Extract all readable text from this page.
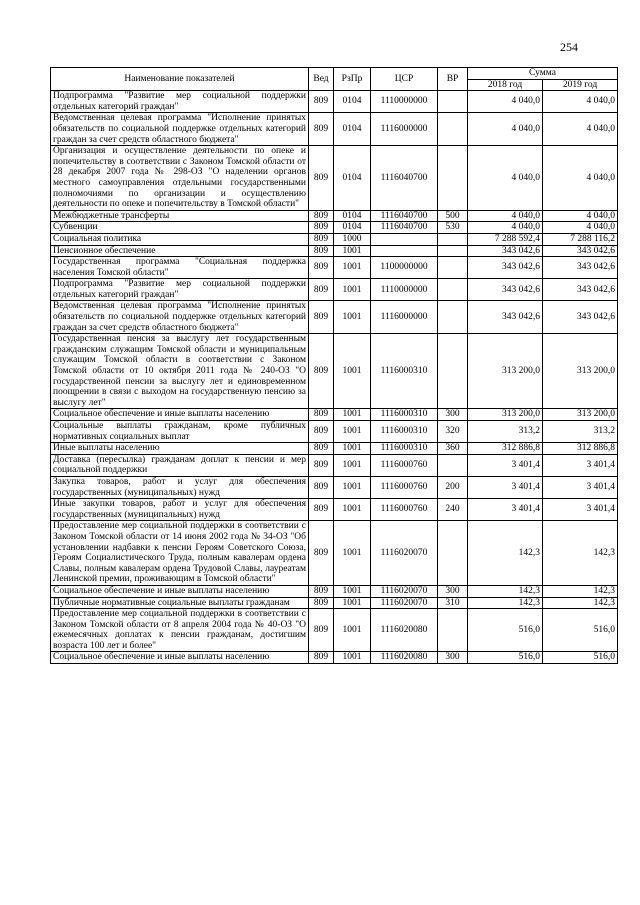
254
Наименование показателей	Вед	РзПр	ЦСР	ВР	Сумма	
					2018 год	2019 год
Подпрограмма "Развитие мер социальной поддержки отдельных категорий граждан"	809	0104	1110000000		4 040,0	4 040,0
Ведомственная целевая программа "Исполнение принятых обязательств по социальной поддержке отдельных категорий граждан за счет средств областного бюджета"	809	0104	1116000000		4 040,0	4 040,0
Организация и осуществление деятельности по опеке и попечительству в соответствии с Законом Томской области от 28 декабря 2007 года № 298-ОЗ "О наделении органов местного самоуправления отдельными государственными полномочиями по организации и осуществлению деятельности по опеке и попечительству в Томской области"	809	0104	1116040700		4 040,0	4 040,0
Межбюджетные трансферты	809	0104	1116040700	500	4 040,0	4 040,0
Субвенции	809	0104	1116040700	530	4 040,0	4 040,0
Социальная политика	809	1000			7 288 592,4	7 288 116,2
Пенсионное обеспечение	809	1001			343 042,6	343 042,6
Государственная программа "Социальная поддержка населения Томской области"	809	1001	1100000000		343 042,6	343 042,6
Подпрограмма "Развитие мер социальной поддержки отдельных категорий граждан"	809	1001	1110000000		343 042,6	343 042,6
Ведомственная целевая программа "Исполнение принятых обязательств по социальной поддержке отдельных категорий граждан за счет средств областного бюджета"	809	1001	1116000000		343 042,6	343 042,6
Государственная пенсия за выслугу лет государственным гражданским служащим Томской области и муниципальным служащим Томской области в соответствии с Законом Томской области от 10 октября 2011 года № 240-ОЗ "О государственной пенсии за выслугу лет и единовременном поощрении в связи с выходом на государственную пенсию за выслугу лет"	809	1001	1116000310		313 200,0	313 200,0
Социальное обеспечение и иные выплаты населению	809	1001	1116000310	300	313 200,0	313 200,0
Социальные выплаты гражданам, кроме публичных нормативных социальных выплат	809	1001	1116000310	320	313,2	313,2
Иные выплаты населению	809	1001	1116000310	360	312 886,8	312 886,8
Доставка (пересылка) гражданам доплат к пенсии и мер социальной поддержки	809	1001	1116000760		3 401,4	3 401,4
Закупка товаров, работ и услуг для обеспечения государственных (муниципальных) нужд	809	1001	1116000760	200	3 401,4	3 401,4
Иные закупки товаров, работ и услуг для обеспечения государственных (муниципальных) нужд	809	1001	1116000760	240	3 401,4	3 401,4
Предоставление мер социальной поддержки в соответствии с Законом Томской области от 14 июня 2002 года № 34-ОЗ "Об установлении надбавки к пенсии Героям Советского Союза, Героям Социалистического Труда, полным кавалерам ордена Славы, полным кавалерам ордена Трудовой Славы, лауреатам Ленинской премии, проживающим в Томской области"	809	1001	1116020070		142,3	142,3
Социальное обеспечение и иные выплаты населению	809	1001	1116020070	300	142,3	142,3
Публичные нормативные социальные выплаты гражданам	809	1001	1116020070	310	142,3	142,3
Предоставление мер социальной поддержки в соответствии с Законом Томской области от 8 апреля 2004 года № 40-ОЗ "О ежемесячных доплатах к пенсии гражданам, достигшим возраста 100 лет и более"	809	1001	1116020080		516,0	516,0
Социальное обеспечение и иные выплаты населению	809	1001	1116020080	300	516,0	516,0
